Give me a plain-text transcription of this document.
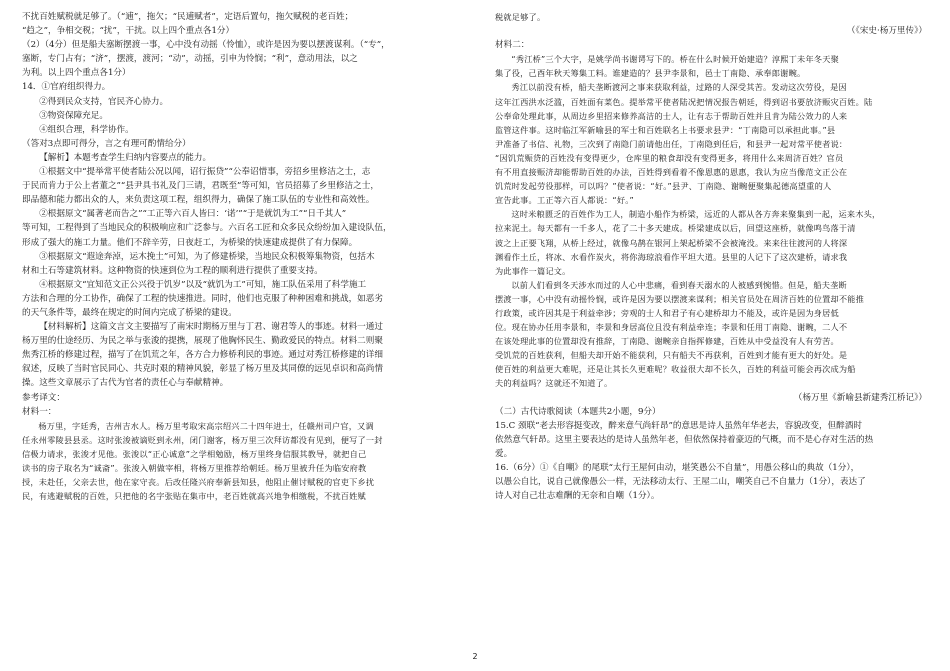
不扰百姓赋税就足够了。（“逋”，拖欠；“民逋赋者”，定语后置句，拖欠赋税的老百姓；

“趋之”，争相交税；“扰”，干扰。以上四个重点各1分）

（2）（4分）但是船夫塞断摆渡一事，心中没有动摇（怜恤），或许是因为要以摆渡谋利。（“专”，

塞断，专门占有；“济”，摆渡，渡河；“动”，动摇，引申为怜悯；“利”，意动用法，以之

为利。以上四个重点各1分）

14．①官府组织得力。

②得到民众支持，官民齐心协力。

③物资保障充足。

④组织合理，科学协作。

（答对3点即可得分，言之有理可酌情给分）

【解析】本题考查学生归纳内容要点的能力。

①根据文中“提举常平使者陆公况以闻，诏行振贷”“公奉诏惜事，旁招乡里修洁之士，志

于民而肯力于公上者董之”“县尹具书礼及门三请，君既至”等可知，官员招募了乡里修洁之士，

即品德和能力都出众的人，来负责这项工程，组织得力，确保了施工队伍的专业性和高效性。

②根据原文“属著老而告之”“工正等六百人皆曰：‘诺’”“于是就饥为工”“日千其人”

等可知，工程得到了当地民众的积极响应和广泛参与。六百名工匠和众多民众纷纷加入建设队伍，

形成了强大的施工力量。他们不辞辛劳，日夜赶工，为桥梁的快速建成提供了有力保障。

③根据原文“遐途奔淖，运木挽土”可知，为了修建桥梁，当地民众积极筹集物资，包括木

材和土石等建筑材料。这种物资的快速到位为工程的顺利进行提供了重要支持。

④根据原文“宜知范文正公兴役于饥岁”以及“就饥为工”可知，施工队伍采用了科学施工

方法和合理的分工协作，确保了工程的快速推进。同时，他们也克服了种种困难和挑战，如恶劣

的天气条件等，最终在规定的时间内完成了桥梁的建设。

【材料解析】这篇文言文主要描写了南宋时期杨万里与丁君、谢君等人的事迹。材料一通过

杨万里的仕途经历、为民之举与张浚的提携，展现了他胸怀民生、勤政爱民的特点。材料二则聚

焦秀江桥的修建过程，描写了在饥荒之年，各方合力修桥利民的事迹。通过对秀江桥修建的详细

叙述，反映了当时官民同心、共克时艰的精神风貌，彰显了杨万里及其同僚的远见卓识和高尚情

操。这些文章展示了古代为官者的责任心与奉献精神。

参考译文：

材料一：

杨万里，字廷秀，吉州吉水人。杨万里考取宋高宗绍兴二十四年进士，任赣州司户官，又调

任永州零陵县县丞。这时张浚被谪贬到永州，闭门谢客，杨万里三次拜访都没有见到，便写了一封

信极力请求，张浚才见他。张浚以“正心诚意”之学相勉励，杨万里终身信服其教导，就把自己

读书的房子取名为“诚斋”。张浚入朝做宰相，将杨万里推荐给朝廷。杨万里被升任为临安府教

授，未赴任，父亲去世，他在家守丧。后改任隆兴府奉新县知县，他阻止催讨赋税的官吏下乡扰

民，有逃避赋税的百姓，只把他的名字张贴在集市中，老百姓就高兴地争相缴税，不扰百姓赋

税就足够了。

（《宋史·杨万里传》）

材料二：

“秀江桥”三个大字，是姚学尚书谢谔写下的。桥在什么时候开始建造？淳熙丁未年冬天聚

集了役，己酉年秋天筹集工料。谁建造的？县尹李景和，邑士丁南隐、承奉郎谢畹。

秀江以前没有桥，船夫垄断渡河之事来获取利益，过路的人深受其苦。发动这次劳役，是因

这年江西洪水泛滥，百姓面有菜色。提举常平使者陆况把情况报告朝廷，得到诏书要放济赈灾百姓。陆

公奉命处理此事，从周边乡里招来修养高洁的士人，让有志于帮助百姓并且肯为陆公效力的人来

监管这件事。这时临江军新喻县的军士和百姓联名上书要求县尹：“丁南隐可以承担此事。”县

尹准备了书信、礼物，三次到了南隐门前请他出任，丁南隐到任后，和县尹一起对常平使者说：

“因饥荒赈贷的百姓没有变得更少，仓库里的粮食却没有变得更多，将用什么来周济百姓？官员

有不用直接赈济却能帮助百姓的办法，百姓得到看着不像恩惠的恩惠，我认为应当像范文正公在

饥荒时发起劳役那样，可以吗？”使者说：“好。”县尹、丁南隐、谢畹便聚集起德高望重的人

宣告此事。工正等六百人都说：“好。”

这时米粮匮乏的百姓作为工人，制造小船作为桥梁，远近的人都从各方奔来聚集到一起，运来木头，

拉来泥土。每天都有一千多人，花了二十多天建成。桥梁建成以后，回望这座桥，就像鸣鸟落于清

波之上正要飞翔，从桥上经过，就像乌鹊在银河上架起桥梁不会被淹没。来来往往渡河的人将深

渊看作土丘，将冰、水看作炭火，将你海琼浪看作平坦大道。县里的人记下了这次建桥，请求我

为此事作一篇记文。

以前人们看到冬天涉水而过的人心中悲痛，看到春天溺水的人被感到惋惜。但是，船夫垄断

摆渡一事，心中没有动摇怜悯，或许是因为要以摆渡来谋利；相关官员处在周济百姓的位置却不能推

行政策，或许因其是于利益牵涉；旁观的士人和君子有心建桥却力不能及，或许是因为身居低

位。现在协办任用李景和，李景和身居高位且没有利益牵连；李景和任用丁南隐、谢畹，二人不

在该处理此事的位置却没有推辞，丁南隐、谢畹亲自指挥修建，百姓从中受益没有人有劳苦。

受饥荒的百姓获利，但船夫却开始不能获利，只有船夫不再获利，百姓到才能有更大的好处。是

使百姓的利益更大难呢，还是让其长久更难呢？收益很大却不长久，百姓的利益可能会再次成为船

夫的利益吗？这就还不知道了。

（杨万里《新喻县新建秀江桥记》）

（二）古代诗歌阅读（本题共2小题，9分）

15.C 颈联“老去形容挺变改，醉来意气尚轩昂”的意思是诗人虽然年华老去，容貌改变，但醉酒时

依然意气轩昂。这里主要表达的是诗人虽然年老，但依然保持着豪迈的气概，而不是心存对生活的热

爱。

16.（6分）①《自嘲》的尾联“太行王屋何由动，堪笑愚公不自量”，用愚公移山的典故（1分），

以愚公自比，说自己就像愚公一样，无法移动太行、王屋二山，嘲笑自己不自量力（1分），表达了

诗人对自己壮志难酬的无奈和自嘲（1分）。

2
